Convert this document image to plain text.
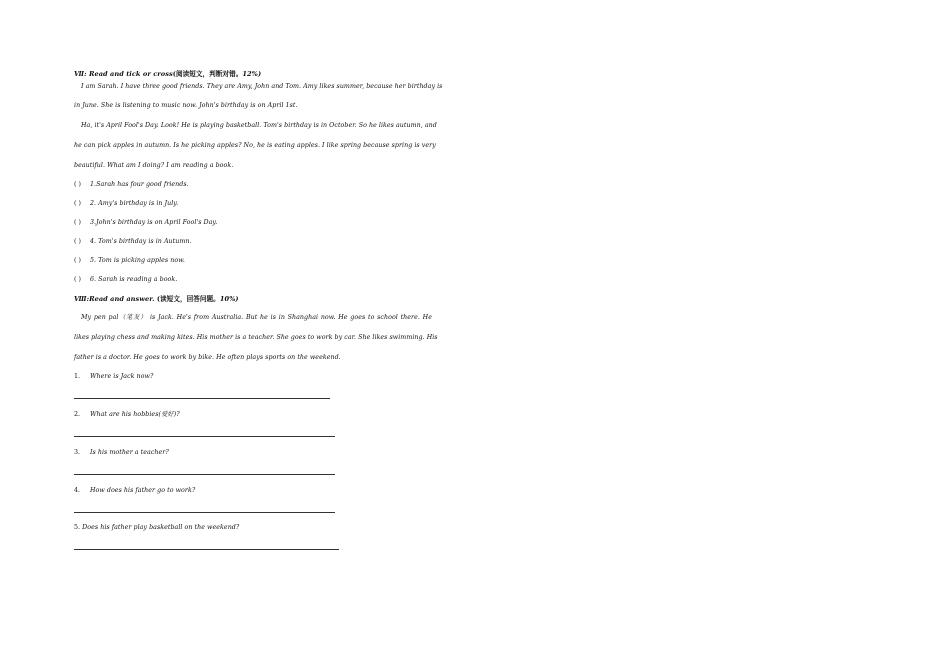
Ⅶ: Read and tick or cross(阅读短文，判断对错。12%)
I am Sarah. I have three good friends. They are Amy, John and Tom. Amy likes summer, because her birthday is
in June. She is listening to music now. John's birthday is on April 1st.
Ha, it's April Fool's Day. Look! He is playing basketball. Tom's birthday is in October. So he likes autumn, and
he can pick apples in autumn. Is he picking apples? No, he is eating apples. I like spring because spring is very
beautiful. What am I doing? I am reading a book.
( ) 1.Sarah has four good friends.
( ) 2. Amy's birthday is in July.
( ) 3.John's birthday is on April Fool's Day.
( ) 4. Tom's birthday is in Autumn.
( ) 5. Tom is picking apples now.
( ) 6. Sarah is reading a book.
Ⅷ:Read and answer. (读短文，回答问题。10%)
My pen pal（笔友） is Jack. He's from Australia. But he is in Shanghai now. He goes to school there. He
likes playing chess and making kites. His mother is a teacher. She goes to work by car. She likes swimming. His
father is a doctor. He goes to work by bike. He often plays sports on the weekend.
1. Where is Jack now?
2. What are his hobbies(爱好)?
3. Is his mother a teacher?
4. How does his father go to work?
5. Does his father play basketball on the weekend?
